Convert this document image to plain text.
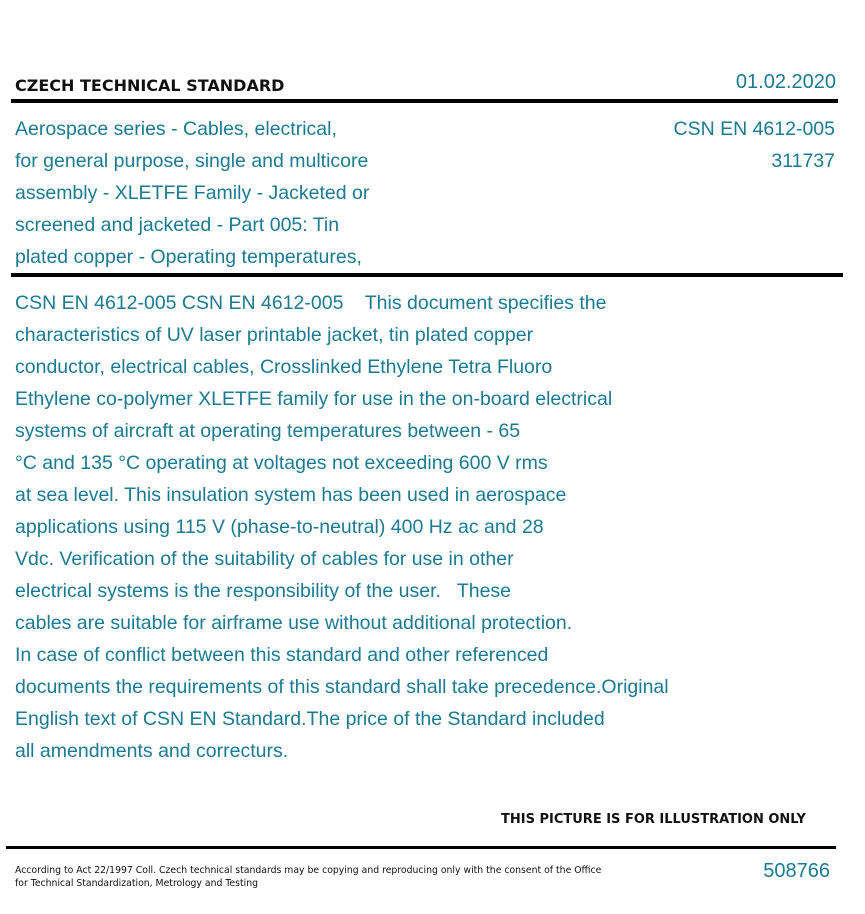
CZECH TECHNICAL STANDARD	01.02.2020
Aerospace series - Cables, electrical,
for general purpose, single and multicore
assembly - XLETFE Family - Jacketed or
screened and jacketed - Part 005: Tin
plated copper - Operating temperatures,
CSN EN 4612-005
311737
CSN EN 4612-005 CSN EN 4612-005    This document specifies the
characteristics of UV laser printable jacket, tin plated copper
conductor, electrical cables, Crosslinked Ethylene Tetra Fluoro
Ethylene co-polymer XLETFE family for use in the on-board electrical
systems of aircraft at operating temperatures between - 65
°C and 135 °C operating at voltages not exceeding 600 V rms
at sea level. This insulation system has been used in aerospace
applications using 115 V (phase-to-neutral) 400 Hz ac and 28
Vdc. Verification of the suitability of cables for use in other
electrical systems is the responsibility of the user.   These
cables are suitable for airframe use without additional protection.
In case of conflict between this standard and other referenced
documents the requirements of this standard shall take precedence.Original
English text of CSN EN Standard.The price of the Standard included
all amendments and correcturs.
THIS PICTURE IS FOR ILLUSTRATION ONLY
According to Act 22/1997 Coll. Czech technical standards may be copying and reproducing only with the consent of the Office
for Technical Standardization, Metrology and Testing
508766
